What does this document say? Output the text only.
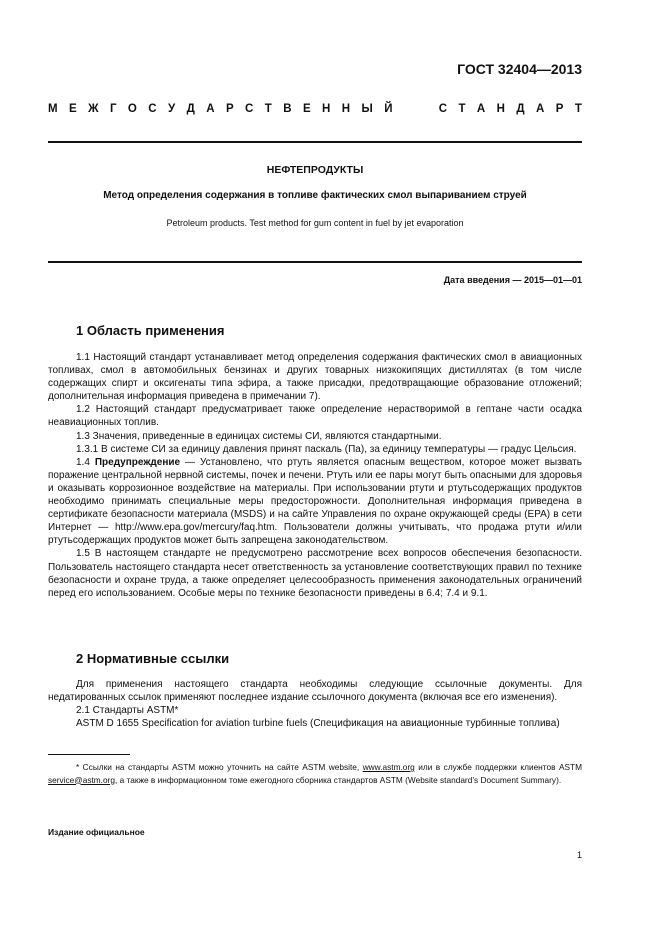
ГОСТ 32404—2013
М Е Ж Г О С У Д А Р С Т В Е Н Н Ы Й	С Т А Н Д А Р Т
НЕФТЕПРОДУКТЫ
Метод определения содержания в топливе фактических смол выпариванием струей
Petroleum products. Test method for gum content in fuel by jet evaporation
Дата введения — 2015—01—01
1 Область применения

1.1 Настоящий стандарт устанавливает метод определения содержания фактических смол в авиационных топливах, смол в автомобильных бензинах и других товарных низкокипящих дистиллятах (в том числе содержащих спирт и оксигенаты типа эфира, а также присадки, предотвращающие образование отложений; дополнительная информация приведена в примечании 7).

1.2 Настоящий стандарт предусматривает также определение нерастворимой в гептане части осадка неавиационных топлив.

1.3 Значения, приведенные в единицах системы СИ, являются стандартными.

1.3.1 В системе СИ за единицу давления принят паскаль (Па), за единицу температуры — градус Цельсия.

1.4 Предупреждение — Установлено, что ртуть является опасным веществом, которое может вызвать поражение центральной нервной системы, почек и печени. Ртуть или ее пары могут быть опасными для здоровья и оказывать коррозионное воздействие на материалы. При использовании ртути и ртутьсодержащих продуктов необходимо принимать специальные меры предосторожности. Дополнительная информация приведена в сертификате безопасности материала (MSDS) и на сайте Управления по охране окружающей среды (EPA) в сети Интернет — http://www.epa.gov/mercury/faq.htm. Пользователи должны учитывать, что продажа ртути и/или ртутьсодержащих продуктов может быть запрещена законодательством.

1.5 В настоящем стандарте не предусмотрено рассмотрение всех вопросов обеспечения безопасности. Пользователь настоящего стандарта несет ответственность за установление соответствующих правил по технике безопасности и охране труда, а также определяет целесообразность применения законодательных ограничений перед его использованием. Особые меры по технике безопасности приведены в 6.4; 7.4 и 9.1.

2 Нормативные ссылки

Для применения настоящего стандарта необходимы следующие ссылочные документы. Для недатированных ссылок применяют последнее издание ссылочного документа (включая все его изменения).

2.1 Стандарты ASTM*

ASTM D 1655 Specification for aviation turbine fuels (Спецификация на авиационные турбинные топлива)

* Ссылки на стандарты ASTM можно уточнить на сайте ASTM website, www.astm.org или в службе поддержки клиентов ASTM service@astm.org, а также в информационном томе ежегодного сборника стандартов ASTM (Website standard’s Document Summary).

Издание официальное
1
